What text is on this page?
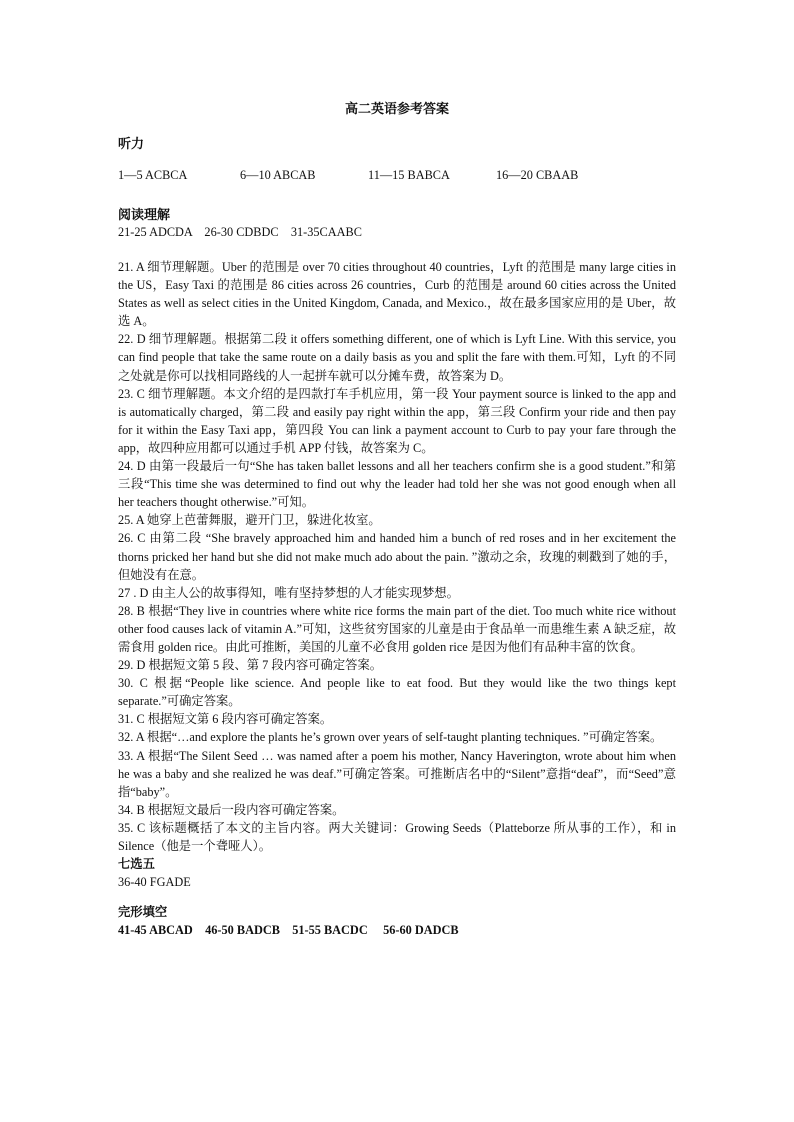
高二英语参考答案
听力
1—5 ACBCA	6—10 ABCAB	11—15 BABCA	16—20 CBAAB
阅读理解
21-25 ADCDA    26-30 CDBDC    31-35CAABC
21. A 细节理解题。Uber 的范围是 over 70 cities throughout 40 countries，Lyft 的范围是 many large cities in the US，Easy Taxi 的范围是 86 cities across 26 countries，Curb 的范围是 around 60 cities across the United States as well as select cities in the United Kingdom, Canada, and Mexico.，故在最多国家应用的是 Uber，故选 A。
22. D 细节理解题。根据第二段 it offers something different, one of which is Lyft Line. With this service, you can find people that take the same route on a daily basis as you and split the fare with them.可知，Lyft 的不同之处就是你可以找相同路线的人一起拼车就可以分摊车费，故答案为 D。
23. C 细节理解题。本文介绍的是四款打车手机应用，第一段 Your payment source is linked to the app and is automatically charged，第二段 and easily pay right within the app，第三段 Confirm your ride and then pay for it within the Easy Taxi app，第四段 You can link a payment account to Curb to pay your fare through the app，故四种应用都可以通过手机 APP 付钱，故答案为 C。
24. D 由第一段最后一句“She has taken ballet lessons and all her teachers confirm she is a good student.”和第三段“This time she was determined to find out why the leader had told her she was not good enough when all her teachers thought otherwise.”可知。
25. A 她穿上芭蕾舞服，避开门卫，躲进化妆室。
26. C 由第二段 “She bravely approached him and handed him a bunch of red roses and in her excitement the thorns pricked her hand but she did not make much ado about the pain. ”激动之余，玫瑰的刺戳到了她的手，但她没有在意。
27 . D 由主人公的故事得知，唯有坚持梦想的人才能实现梦想。
28. B 根据“They live in countries where white rice forms the main part of the diet. Too much white rice without other food causes lack of vitamin A.”可知，这些贫穷国家的儿童是由于食品单一而患维生素 A 缺乏症，故需食用 golden rice。由此可推断，美国的儿童不必食用 golden rice 是因为他们有品种丰富的饮食。
29. D 根据短文第 5 段、第 7 段内容可确定答案。
30. C 根据“People like science. And people like to eat food. But they would like the two things kept separate.”可确定答案。
31. C 根据短文第 6 段内容可确定答案。
32. A 根据“…and explore the plants he’s grown over years of self-taught planting techniques. ”可确定答案。
33. A 根据“The Silent Seed … was named after a poem his mother, Nancy Haverington, wrote about him when he was a baby and she realized he was deaf.”可确定答案。可推断店名中的“Silent”意指“deaf”，而“Seed”意指“baby”。
34. B 根据短文最后一段内容可确定答案。
35. C 该标题概括了本文的主旨内容。两大关键词：Growing Seeds（Platteborze 所从事的工作），和 in Silence（他是一个聋哑人）。
七选五
36-40 FGADE
完形填空
41-45 ABCAD    46-50 BADCB    51-55 BACDC     56-60 DADCB
